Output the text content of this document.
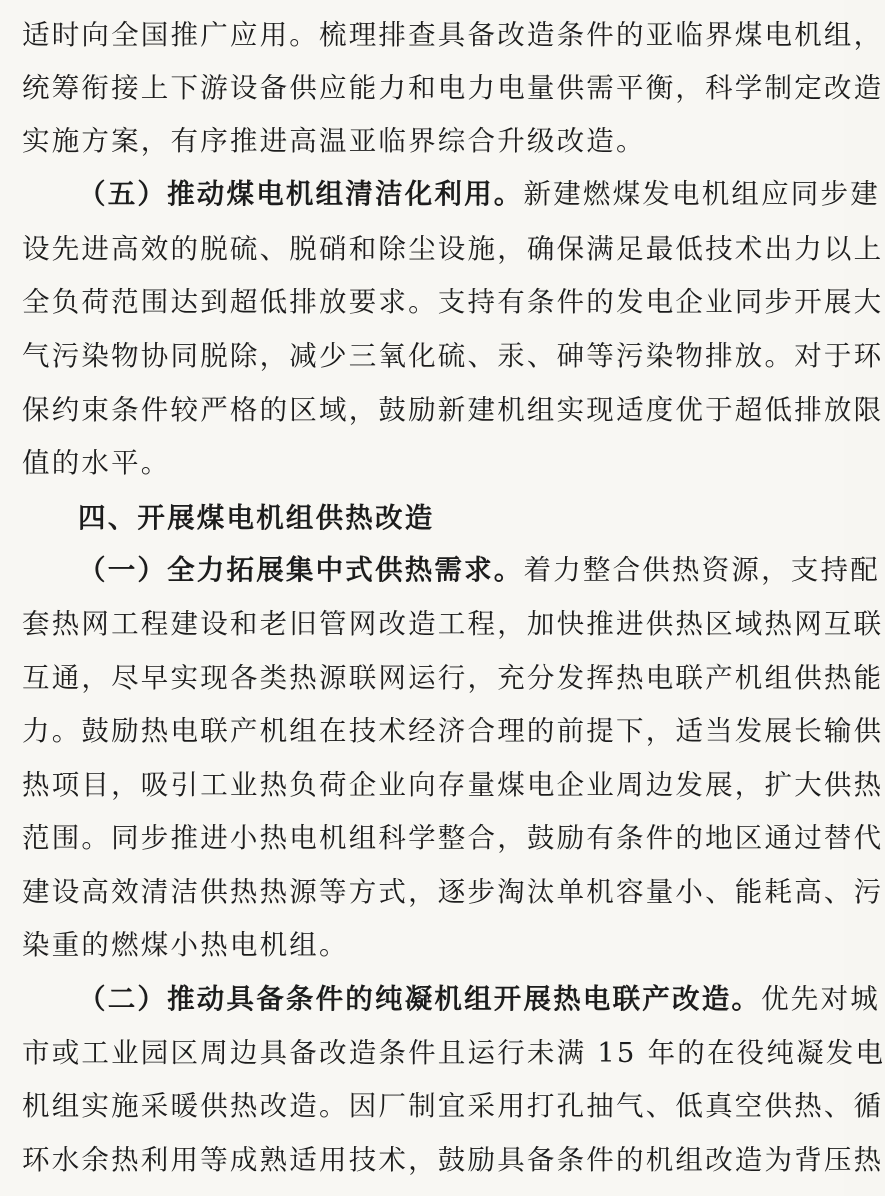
适时向全国推广应用。梳理排查具备改造条件的亚临界煤电机组，
统筹衔接上下游设备供应能力和电力电量供需平衡，科学制定改造
实施方案，有序推进高温亚临界综合升级改造。
（五）推动煤电机组清洁化利用。新建燃煤发电机组应同步建
设先进高效的脱硫、脱硝和除尘设施，确保满足最低技术出力以上
全负荷范围达到超低排放要求。支持有条件的发电企业同步开展大
气污染物协同脱除，减少三氧化硫、汞、砷等污染物排放。对于环
保约束条件较严格的区域，鼓励新建机组实现适度优于超低排放限
值的水平。
四、开展煤电机组供热改造
（一）全力拓展集中式供热需求。着力整合供热资源，支持配
套热网工程建设和老旧管网改造工程，加快推进供热区域热网互联
互通，尽早实现各类热源联网运行，充分发挥热电联产机组供热能
力。鼓励热电联产机组在技术经济合理的前提下，适当发展长输供
热项目，吸引工业热负荷企业向存量煤电企业周边发展，扩大供热
范围。同步推进小热电机组科学整合，鼓励有条件的地区通过替代
建设高效清洁供热热源等方式，逐步淘汰单机容量小、能耗高、污
染重的燃煤小热电机组。
（二）推动具备条件的纯凝机组开展热电联产改造。优先对城
市或工业园区周边具备改造条件且运行未满 15 年的在役纯凝发电
机组实施采暖供热改造。因厂制宜采用打孔抽气、低真空供热、循
环水余热利用等成熟适用技术，鼓励具备条件的机组改造为背压热
